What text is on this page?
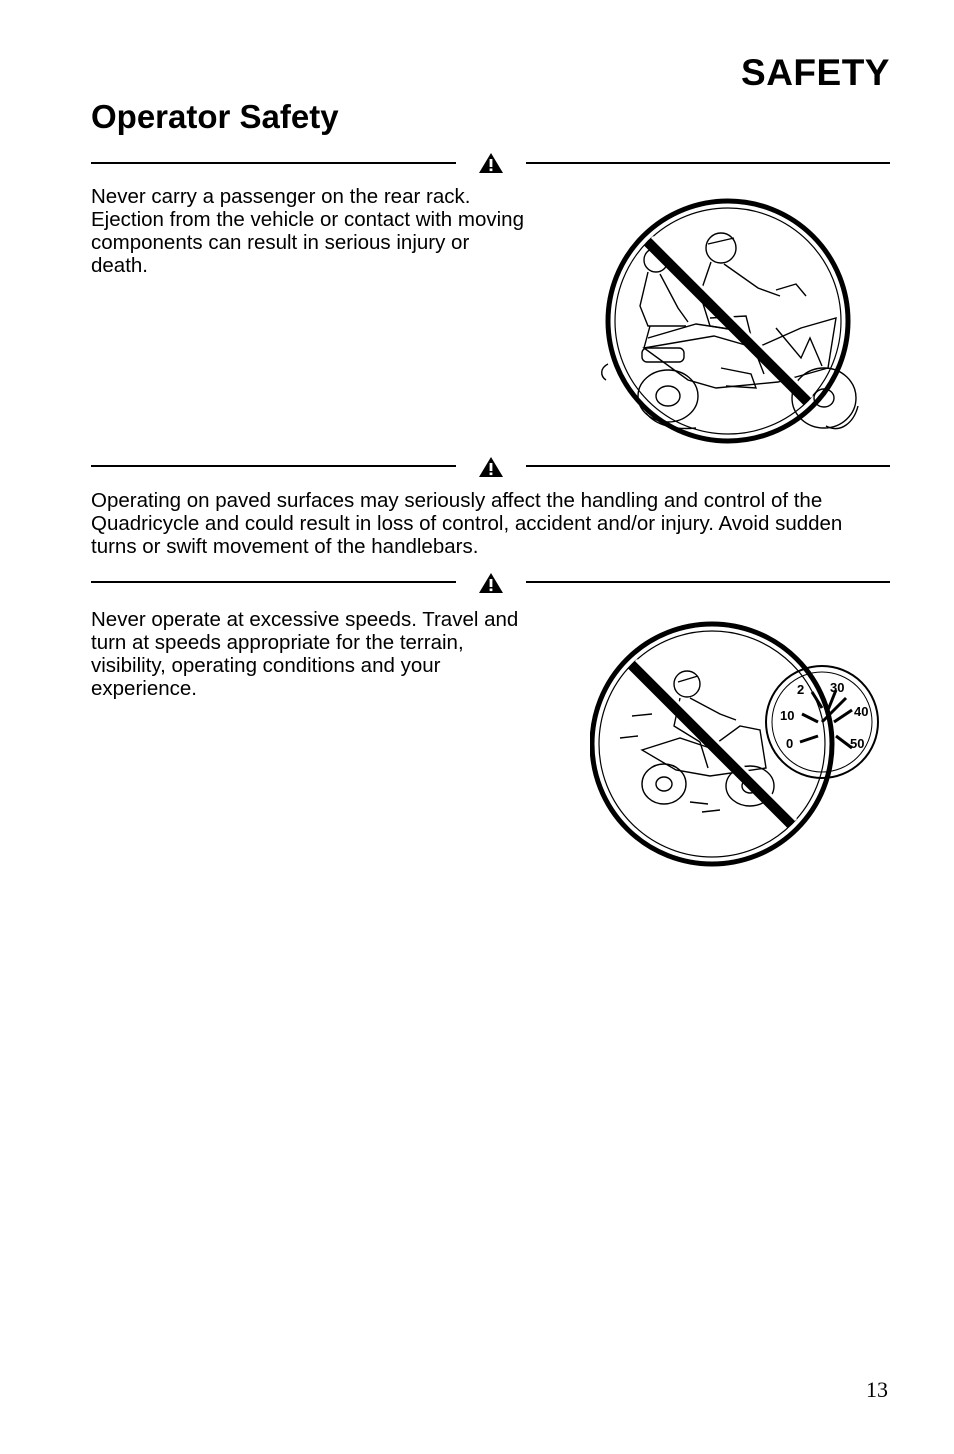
SAFETY
Operator Safety
Never carry a passenger on the rear rack. Ejection from the vehicle or contact with moving components can result in serious injury or death.
Operating on paved surfaces may seriously affect the handling and control of the Quadricycle and could result in loss of control, accident and/or injury. Avoid sudden turns or swift movement of the handlebars.
Never operate at excessive speeds. Travel and turn at speeds appropriate for the terrain, visibility, operating conditions and your experience.
0
10
2 30
40
50
13
